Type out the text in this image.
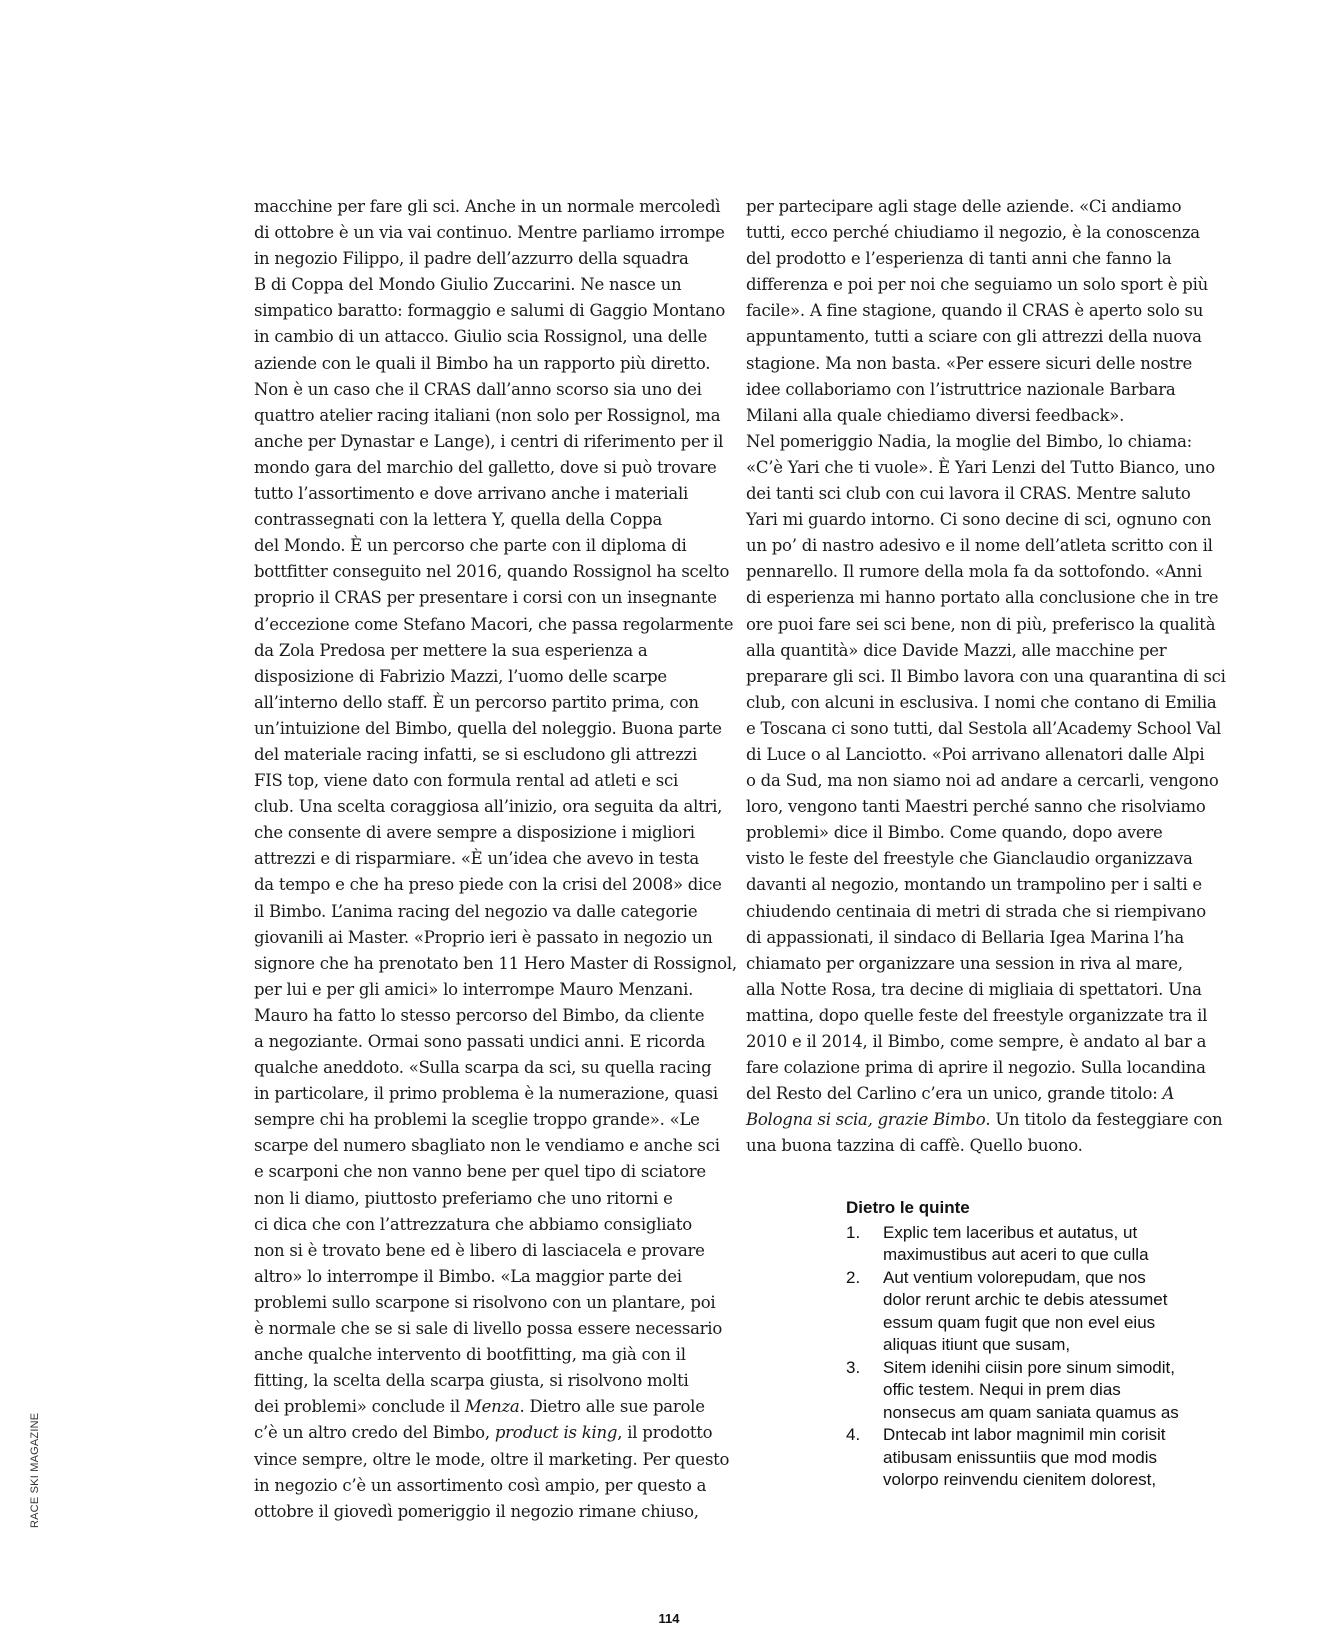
RACE SKI MAGAZINE
macchine per fare gli sci. Anche in un normale mercoledì
di ottobre è un via vai continuo. Mentre parliamo irrompe
in negozio Filippo, il padre dell’azzurro della squadra
B di Coppa del Mondo Giulio Zuccarini. Ne nasce un
simpatico baratto: formaggio e salumi di Gaggio Montano
in cambio di un attacco. Giulio scia Rossignol, una delle
aziende con le quali il Bimbo ha un rapporto più diretto.
Non è un caso che il CRAS dall’anno scorso sia uno dei
quattro atelier racing italiani (non solo per Rossignol, ma
anche per Dynastar e Lange), i centri di riferimento per il
mondo gara del marchio del galletto, dove si può trovare
tutto l’assortimento e dove arrivano anche i materiali
contrassegnati con la lettera Y, quella della Coppa
del Mondo. È un percorso che parte con il diploma di
bottfitter conseguito nel 2016, quando Rossignol ha scelto
proprio il CRAS per presentare i corsi con un insegnante
d’eccezione come Stefano Macori, che passa regolarmente
da Zola Predosa per mettere la sua esperienza a
disposizione di Fabrizio Mazzi, l’uomo delle scarpe
all’interno dello staff. È un percorso partito prima, con
un’intuizione del Bimbo, quella del noleggio. Buona parte
del materiale racing infatti, se si escludono gli attrezzi
FIS top, viene dato con formula rental ad atleti e sci
club. Una scelta coraggiosa all’inizio, ora seguita da altri,
che consente di avere sempre a disposizione i migliori
attrezzi e di risparmiare. «È un’idea che avevo in testa
da tempo e che ha preso piede con la crisi del 2008» dice
il Bimbo. L’anima racing del negozio va dalle categorie
giovanili ai Master. «Proprio ieri è passato in negozio un
signore che ha prenotato ben 11 Hero Master di Rossignol,
per lui e per gli amici» lo interrompe Mauro Menzani.
Mauro ha fatto lo stesso percorso del Bimbo, da cliente
a negoziante. Ormai sono passati undici anni. E ricorda
qualche aneddoto. «Sulla scarpa da sci, su quella racing
in particolare, il primo problema è la numerazione, quasi
sempre chi ha problemi la sceglie troppo grande». «Le
scarpe del numero sbagliato non le vendiamo e anche sci
e scarponi che non vanno bene per quel tipo di sciatore
non li diamo, piuttosto preferiamo che uno ritorni e
ci dica che con l’attrezzatura che abbiamo consigliato
non si è trovato bene ed è libero di lasciacela e provare
altro» lo interrompe il Bimbo. «La maggior parte dei
problemi sullo scarpone si risolvono con un plantare, poi
è normale che se si sale di livello possa essere necessario
anche qualche intervento di bootfitting, ma già con il
fitting, la scelta della scarpa giusta, si risolvono molti
dei problemi» conclude il Menza. Dietro alle sue parole
c’è un altro credo del Bimbo, product is king, il prodotto
vince sempre, oltre le mode, oltre il marketing. Per questo
in negozio c’è un assortimento così ampio, per questo a
ottobre il giovedì pomeriggio il negozio rimane chiuso,
per partecipare agli stage delle aziende. «Ci andiamo
tutti, ecco perché chiudiamo il negozio, è la conoscenza
del prodotto e l’esperienza di tanti anni che fanno la
differenza e poi per noi che seguiamo un solo sport è più
facile». A fine stagione, quando il CRAS è aperto solo su
appuntamento, tutti a sciare con gli attrezzi della nuova
stagione. Ma non basta. «Per essere sicuri delle nostre
idee collaboriamo con l’istruttrice nazionale Barbara
Milani alla quale chiediamo diversi feedback».
Nel pomeriggio Nadia, la moglie del Bimbo, lo chiama:
«C’è Yari che ti vuole». È Yari Lenzi del Tutto Bianco, uno
dei tanti sci club con cui lavora il CRAS. Mentre saluto
Yari mi guardo intorno. Ci sono decine di sci, ognuno con
un po’ di nastro adesivo e il nome dell’atleta scritto con il
pennarello. Il rumore della mola fa da sottofondo. «Anni
di esperienza mi hanno portato alla conclusione che in tre
ore puoi fare sei sci bene, non di più, preferisco la qualità
alla quantità» dice Davide Mazzi, alle macchine per
preparare gli sci. Il Bimbo lavora con una quarantina di sci
club, con alcuni in esclusiva. I nomi che contano di Emilia
e Toscana ci sono tutti, dal Sestola all’Academy School Val
di Luce o al Lanciotto. «Poi arrivano allenatori dalle Alpi
o da Sud, ma non siamo noi ad andare a cercarli, vengono
loro, vengono tanti Maestri perché sanno che risolviamo
problemi» dice il Bimbo. Come quando, dopo avere
visto le feste del freestyle che Gianclaudio organizzava
davanti al negozio, montando un trampolino per i salti e
chiudendo centinaia di metri di strada che si riempivano
di appassionati, il sindaco di Bellaria Igea Marina l’ha
chiamato per organizzare una session in riva al mare,
alla Notte Rosa, tra decine di migliaia di spettatori. Una
mattina, dopo quelle feste del freestyle organizzate tra il
2010 e il 2014, il Bimbo, come sempre, è andato al bar a
fare colazione prima di aprire il negozio. Sulla locandina
del Resto del Carlino c’era un unico, grande titolo: A
Bologna si scia, grazie Bimbo. Un titolo da festeggiare con
una buona tazzina di caffè. Quello buono.
Dietro le quinte
1. Explic tem laceribus et autatus, ut
maximustibus aut aceri to que culla
2. Aut ventium volorepudam, que nos
dolor rerunt archic te debis atessumet
essum quam fugit que non evel eius
aliquas itiunt que susam,
3. Sitem idenihi ciisin pore sinum simodit,
offic testem. Nequi in prem dias
nonsecus am quam saniata quamus as
4. Dntecab int labor magnimil min corisit
atibusam enissuntiis que mod modis
volorpo reinvendu cienitem dolorest,
114
